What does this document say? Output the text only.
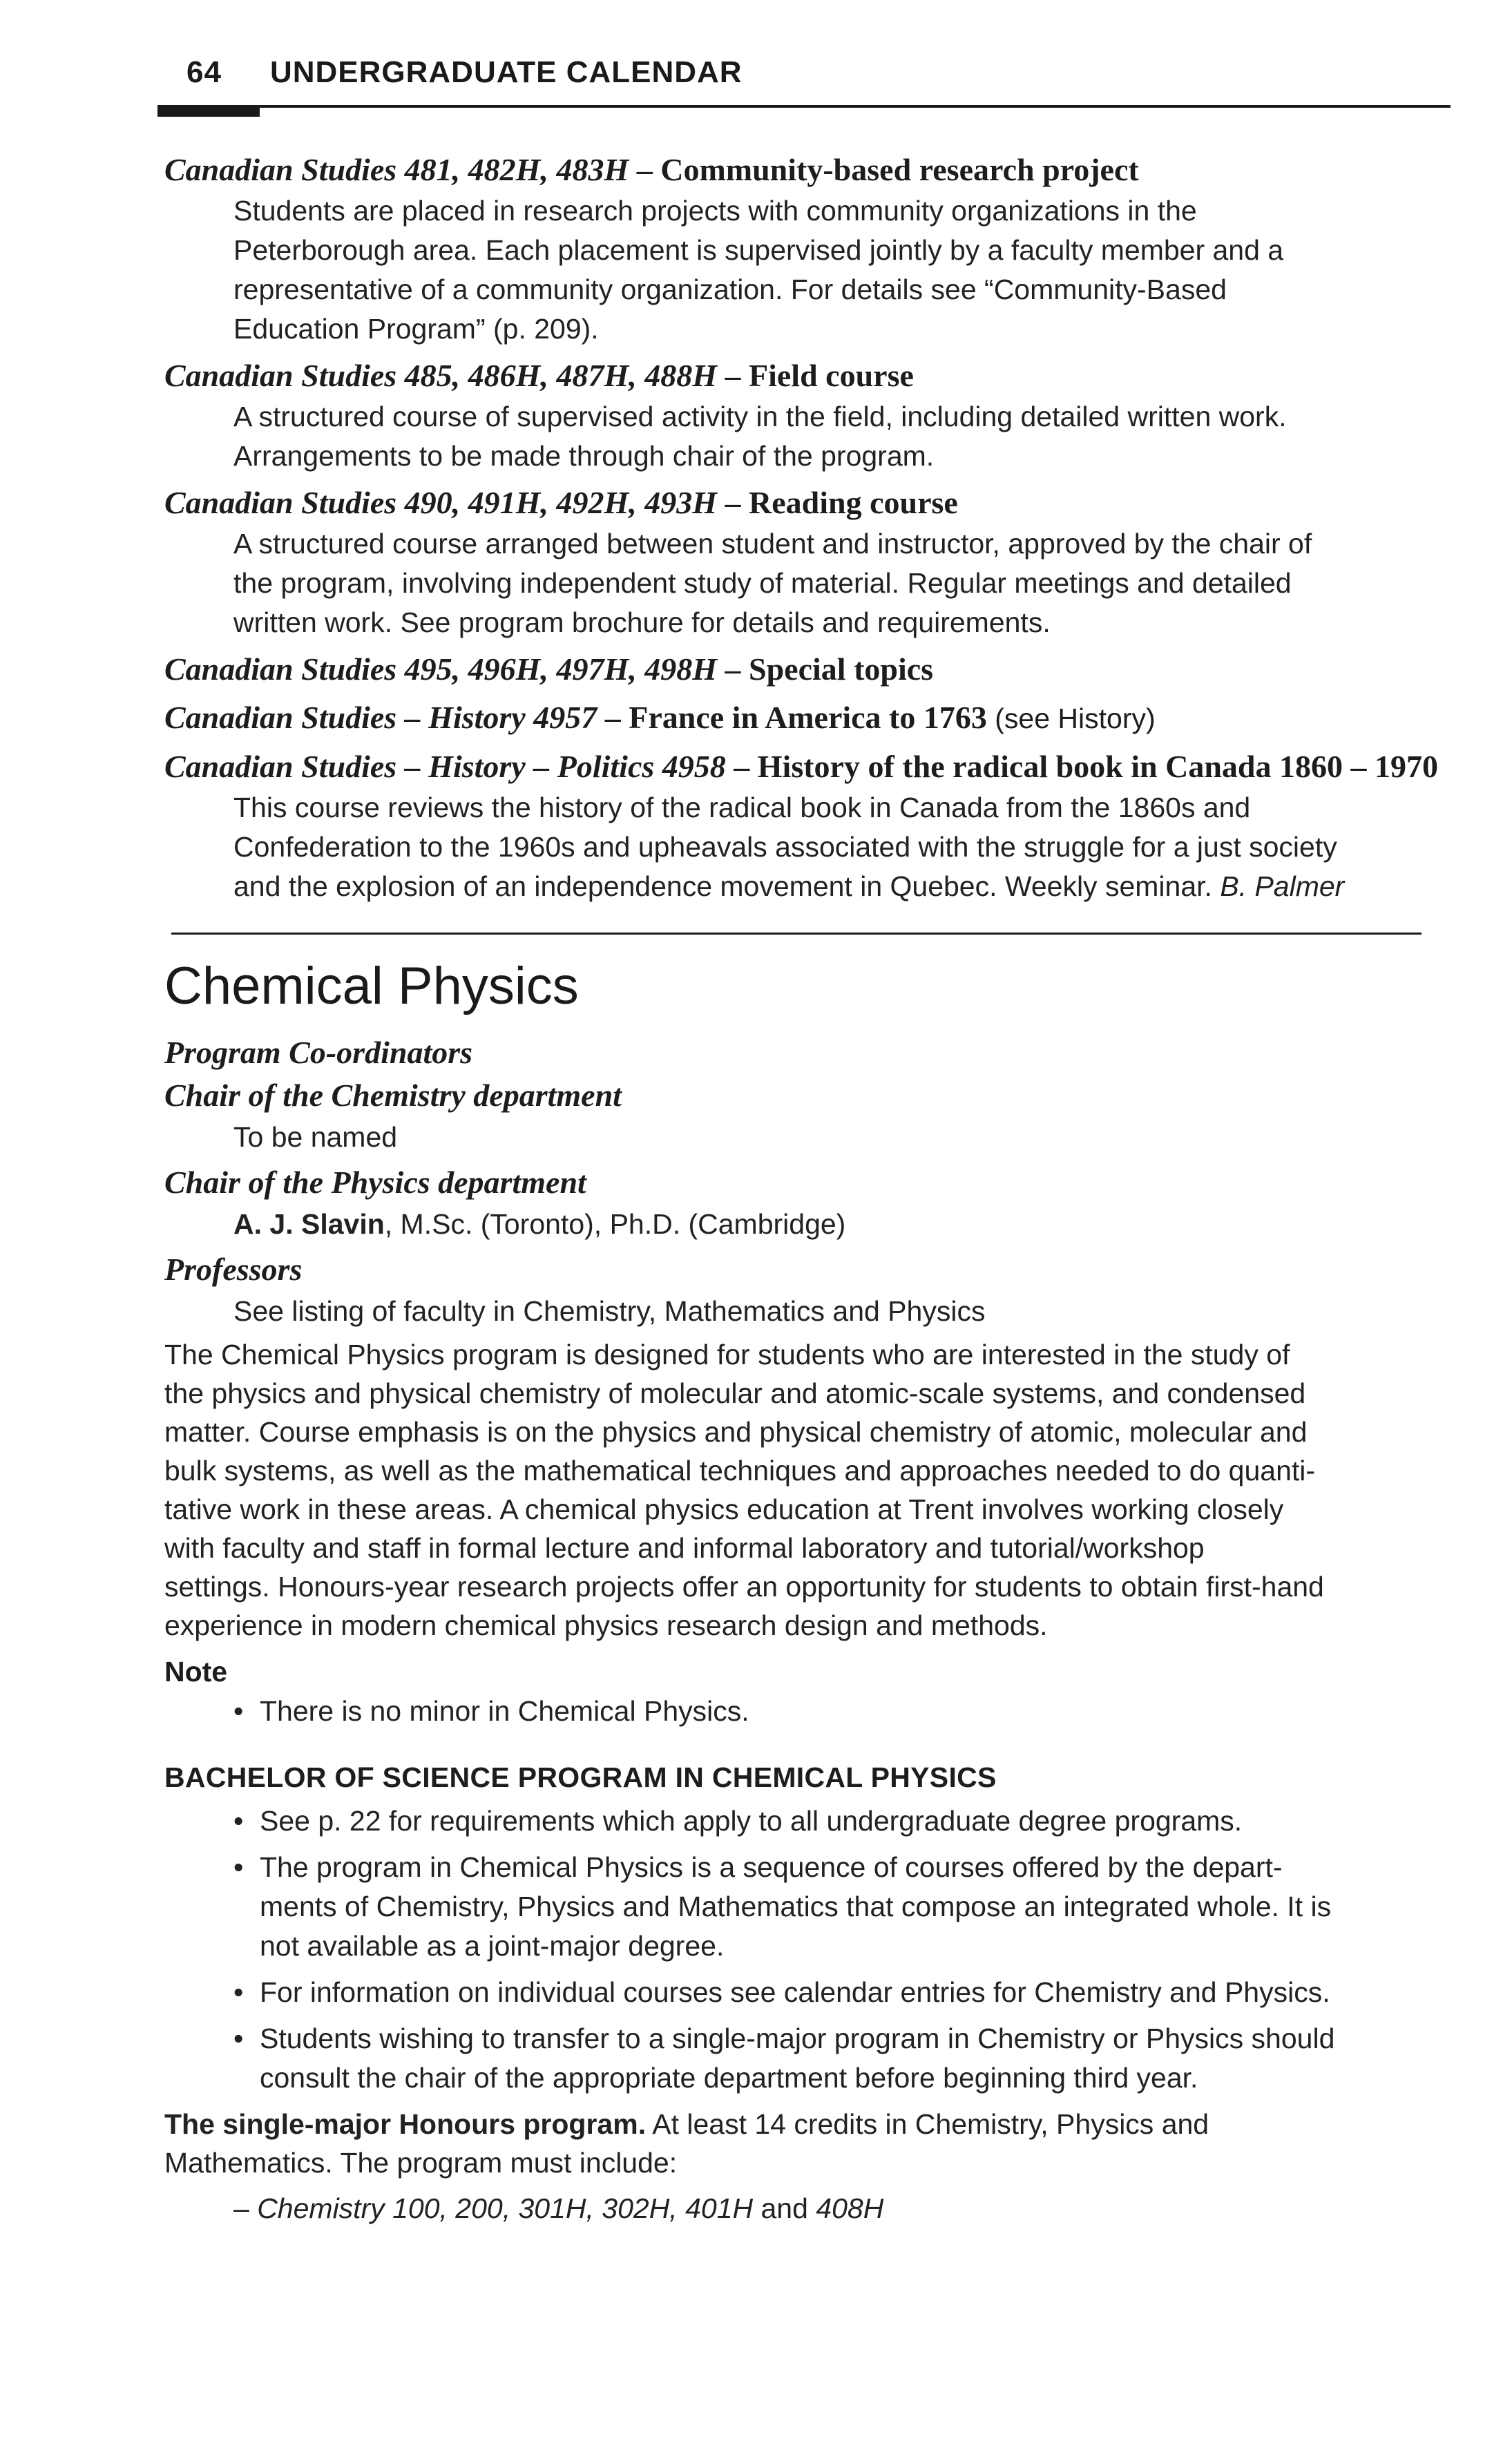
64 UNDERGRADUATE CALENDAR

Canadian Studies 481, 482H, 483H – Community-based research project

Students are placed in research projects with community organizations in the
Peterborough area. Each placement is supervised jointly by a faculty member and a
representative of a community organization. For details see “Community-Based
Education Program” (p. 209).

Canadian Studies 485, 486H, 487H, 488H – Field course

A structured course of supervised activity in the field, including detailed written work.
Arrangements to be made through chair of the program.

Canadian Studies 490, 491H, 492H, 493H – Reading course

A structured course arranged between student and instructor, approved by the chair of
the program, involving independent study of material. Regular meetings and detailed
written work. See program brochure for details and requirements.

Canadian Studies 495, 496H, 497H, 498H – Special topics

Canadian Studies – History 4957 – France in America to 1763 (see History)

Canadian Studies – History – Politics 4958 – History of the radical book in Canada 1860 – 1970

This course reviews the history of the radical book in Canada from the 1860s and
Confederation to the 1960s and upheavals associated with the struggle for a just society
and the explosion of an independence movement in Quebec. Weekly seminar. B. Palmer

Chemical Physics

Program Co-ordinators

Chair of the Chemistry department

To be named

Chair of the Physics department

A. J. Slavin, M.Sc. (Toronto), Ph.D. (Cambridge)

Professors

See listing of faculty in Chemistry, Mathematics and Physics

The Chemical Physics program is designed for students who are interested in the study of
the physics and physical chemistry of molecular and atomic-scale systems, and condensed
matter. Course emphasis is on the physics and physical chemistry of atomic, molecular and
bulk systems, as well as the mathematical techniques and approaches needed to do quanti-
tative work in these areas. A chemical physics education at Trent involves working closely
with faculty and staff in formal lecture and informal laboratory and tutorial/workshop
settings. Honours-year research projects offer an opportunity for students to obtain first-hand
experience in modern chemical physics research design and methods.

Note

• There is no minor in Chemical Physics.

BACHELOR OF SCIENCE PROGRAM IN CHEMICAL PHYSICS

• See p. 22 for requirements which apply to all undergraduate degree programs.
• The program in Chemical Physics is a sequence of courses offered by the depart-
ments of Chemistry, Physics and Mathematics that compose an integrated whole. It is
not available as a joint-major degree.
• For information on individual courses see calendar entries for Chemistry and Physics.
• Students wishing to transfer to a single-major program in Chemistry or Physics should
consult the chair of the appropriate department before beginning third year.

The single-major Honours program. At least 14 credits in Chemistry, Physics and Mathematics. The program must include:

– Chemistry 100, 200, 301H, 302H, 401H and 408H
